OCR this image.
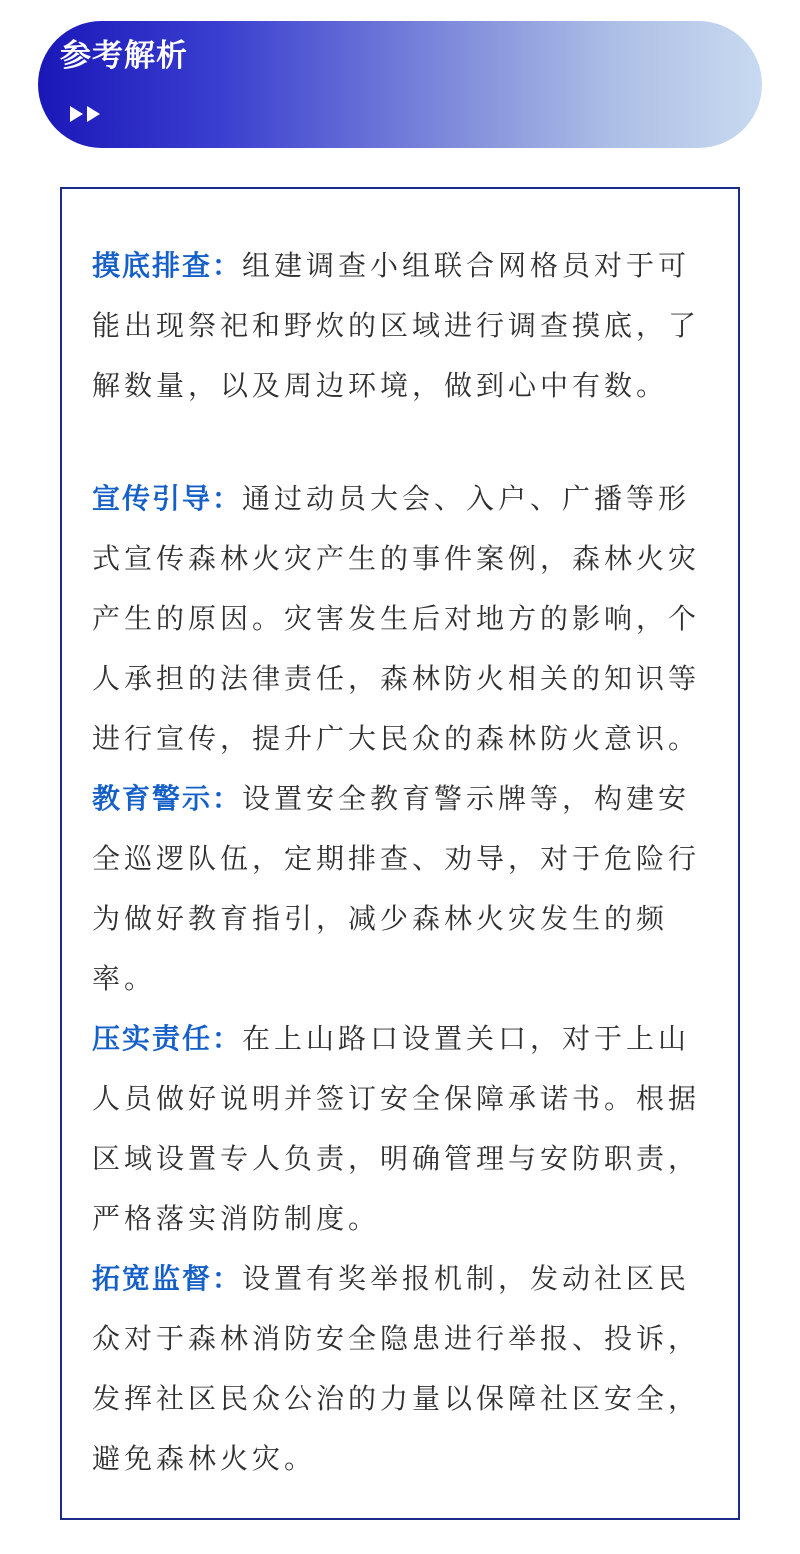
参考解析

摸底排查：组建调查小组联合网格员对于可能出现祭祀和野炊的区域进行调查摸底，了解数量，以及周边环境，做到心中有数。

宣传引导：通过动员大会、入户、广播等形式宣传森林火灾产生的事件案例，森林火灾产生的原因。灾害发生后对地方的影响，个人承担的法律责任，森林防火相关的知识等进行宣传，提升广大民众的森林防火意识。

教育警示：设置安全教育警示牌等，构建安全巡逻队伍，定期排查、劝导，对于危险行为做好教育指引，减少森林火灾发生的频率。

压实责任：在上山路口设置关口，对于上山人员做好说明并签订安全保障承诺书。根据区域设置专人负责，明确管理与安防职责，严格落实消防制度。

拓宽监督：设置有奖举报机制，发动社区民众对于森林消防安全隐患进行举报、投诉，发挥社区民众公治的力量以保障社区安全，避免森林火灾。
